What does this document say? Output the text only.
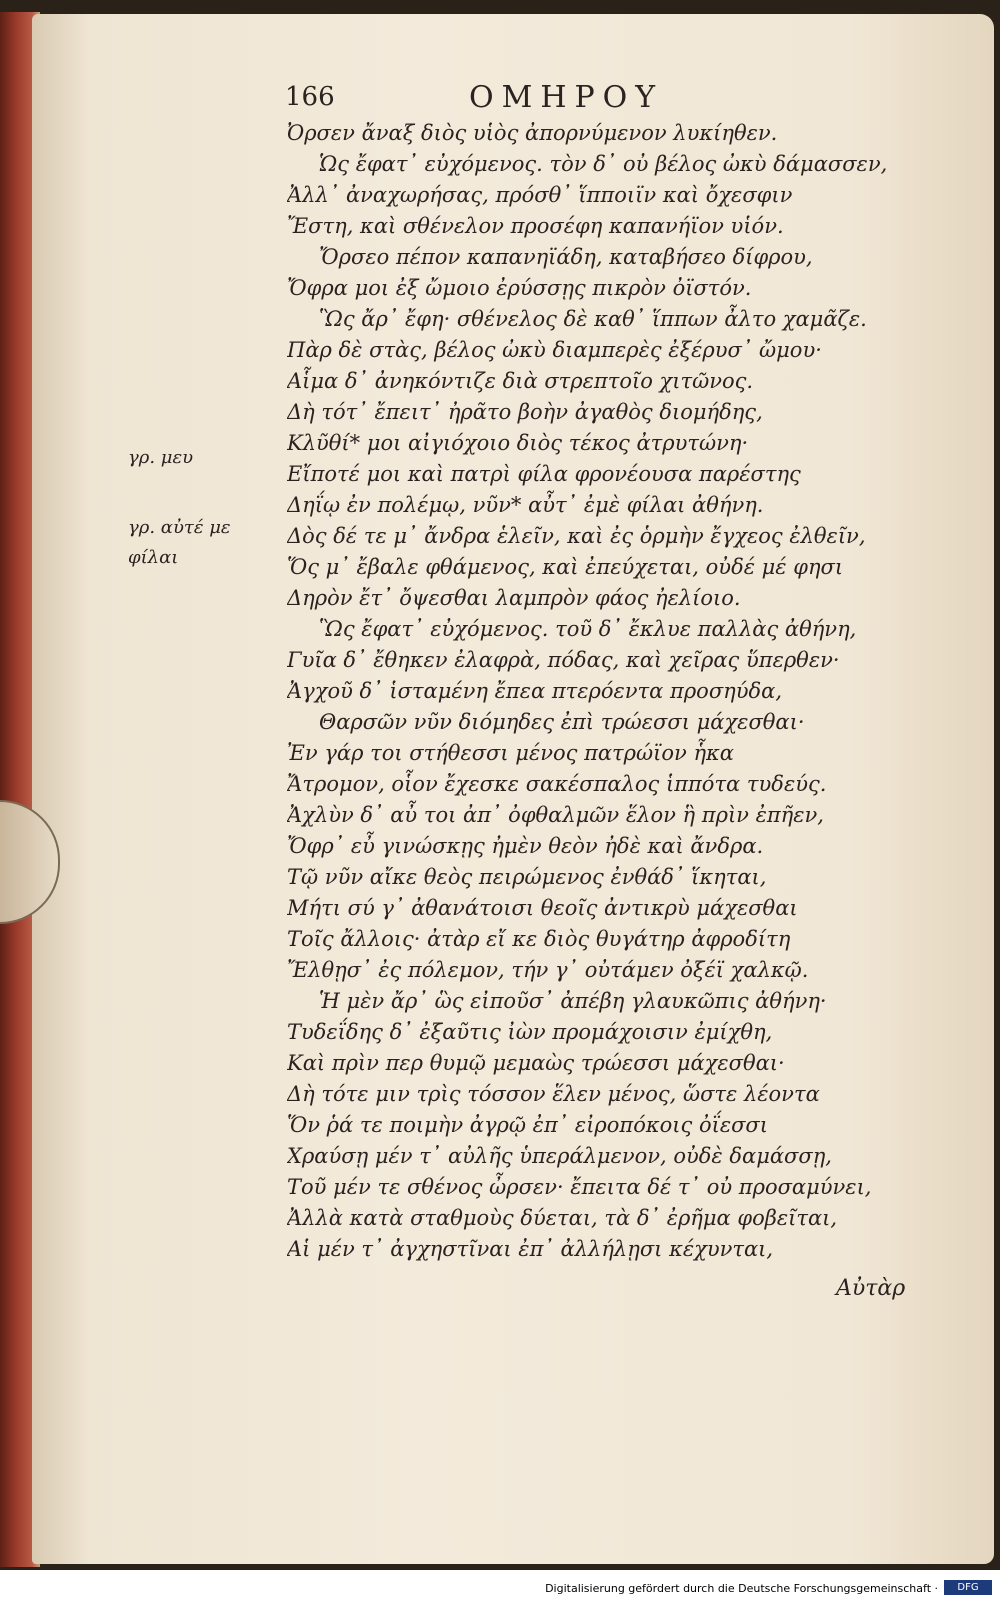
166	ΟΜΗΡΟΥ
γρ. μευ
γρ. αὐτέ με
φίλαι
Ὀρσεν ἄναξ διὸς υἱὸς ἀπορνύμενον λυκίηθεν.
Ὡς ἔφατ᾽ εὐχόμενος. τὸν δ᾽ οὐ βέλος ὠκὺ δάμασσεν,
Ἀλλ᾽ ἀναχωρήσας, πρόσθ᾽ ἵπποιϊν καὶ ὄχεσφιν
Ἔστη, καὶ σθένελον προσέφη καπανήϊον υἱόν.
Ὄρσεο πέπον καπανηϊάδη, καταβήσεο δίφρου,
Ὄφρα μοι ἐξ ὤμοιο ἐρύσσῃς πικρὸν ὀϊστόν.
Ὣς ἄρ᾽ ἔφη· σθένελος δὲ καθ᾽ ἵππων ἆλτο χαμᾶζε.
Πὰρ δὲ στὰς, βέλος ὠκὺ διαμπερὲς ἐξέρυσ᾽ ὤμου·
Αἷμα δ᾽ ἀνηκόντιζε διὰ στρεπτοῖο χιτῶνος.
Δὴ τότ᾽ ἔπειτ᾽ ἠρᾶτο βοὴν ἀγαθὸς διομήδης,
Κλῦθί* μοι αἰγιόχοιο διὸς τέκος ἀτρυτώνη·
Εἴποτέ μοι καὶ πατρὶ φίλα φρονέουσα παρέστης
Δηΐῳ ἐν πολέμῳ, νῦν* αὖτ᾽ ἐμὲ φίλαι ἀθήνη.
Δὸς δέ τε μ᾽ ἄνδρα ἑλεῖν, καὶ ἐς ὁρμὴν ἔγχεος ἐλθεῖν,
Ὅς μ᾽ ἔβαλε φθάμενος, καὶ ἐπεύχεται, οὐδέ μέ φησι
Δηρὸν ἔτ᾽ ὄψεσθαι λαμπρὸν φάος ἠελίοιο.
Ὣς ἔφατ᾽ εὐχόμενος. τοῦ δ᾽ ἔκλυε παλλὰς ἀθήνη,
Γυῖα δ᾽ ἔθηκεν ἐλαφρὰ, πόδας, καὶ χεῖρας ὕπερθεν·
Ἀγχοῦ δ᾽ ἱσταμένη ἔπεα πτερόεντα προσηύδα,
Θαρσῶν νῦν διόμηδες ἐπὶ τρώεσσι μάχεσθαι·
Ἐν γάρ τοι στήθεσσι μένος πατρώϊον ἧκα
Ἄτρομον, οἷον ἔχεσκε σακέσπαλος ἱππότα τυδεύς.
Ἀχλὺν δ᾽ αὖ τοι ἀπ᾽ ὀφθαλμῶν ἕλον ἣ πρὶν ἐπῆεν,
Ὄφρ᾽ εὖ γινώσκῃς ἠμὲν θεὸν ἠδὲ καὶ ἄνδρα.
Τῷ νῦν αἴκε θεὸς πειρώμενος ἐνθάδ᾽ ἵκηται,
Μήτι σύ γ᾽ ἀθανάτοισι θεοῖς ἀντικρὺ μάχεσθαι
Τοῖς ἄλλοις· ἀτὰρ εἴ κε διὸς θυγάτηρ ἀφροδίτη
Ἔλθῃσ᾽ ἐς πόλεμον, τήν γ᾽ οὐτάμεν ὀξέϊ χαλκῷ.
Ἡ μὲν ἄρ᾽ ὣς εἰποῦσ᾽ ἀπέβη γλαυκῶπις ἀθήνη·
Τυδεΐδης δ᾽ ἐξαῦτις ἰὼν προμάχοισιν ἐμίχθη,
Καὶ πρὶν περ θυμῷ μεμαὼς τρώεσσι μάχεσθαι·
Δὴ τότε μιν τρὶς τόσσον ἕλεν μένος, ὥστε λέοντα
Ὅν ῥά τε ποιμὴν ἀγρῷ ἐπ᾽ εἰροπόκοις ὀΐεσσι
Χραύσῃ μέν τ᾽ αὐλῆς ὑπεράλμενον, οὐδὲ δαμάσσῃ,
Τοῦ μέν τε σθένος ὦρσεν· ἔπειτα δέ τ᾽ οὐ προσαμύνει,
Ἀλλὰ κατὰ σταθμοὺς δύεται, τὰ δ᾽ ἐρῆμα φοβεῖται,
Αἱ μέν τ᾽ ἀγχηστῖναι ἐπ᾽ ἀλλήλῃσι κέχυνται,
Αὐτὰρ
Digitalisierung gefördert durch die Deutsche Forschungsgemeinschaft ·	DFG
